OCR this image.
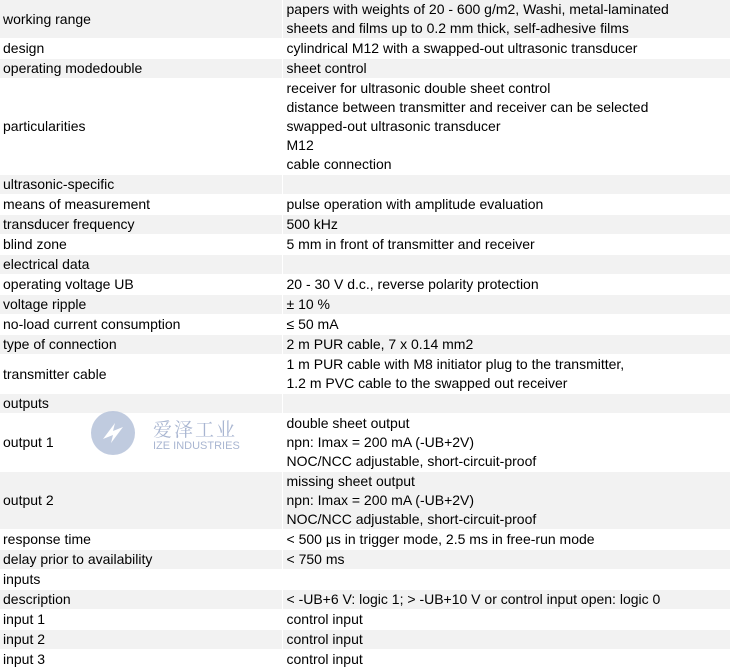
working range	papers with weights of 20 - 600 g/m2, Washi, metal-laminated
sheets and films up to 0.2 mm thick, self-adhesive films

design	cylindrical M12 with a swapped-out ultrasonic transducer

operating modedouble	sheet control

particularities	receiver for ultrasonic double sheet control
distance between transmitter and receiver can be selected
swapped-out ultrasonic transducer
M12
cable connection

ultrasonic-specific	

means of measurement	pulse operation with amplitude evaluation

transducer frequency	500 kHz

blind zone	5 mm in front of transmitter and receiver

electrical data	

operating voltage UB	20 - 30 V d.c., reverse polarity protection

voltage ripple	± 10 %

no-load current consumption	≤ 50 mA

type of connection	2 m PUR cable, 7 x 0.14 mm2

transmitter cable	1 m PUR cable with M8 initiator plug to the transmitter,
1.2 m PVC cable to the swapped out receiver

outputs	

output 1	double sheet output
npn: Imax = 200 mA (-UB+2V)
NOC/NCC adjustable, short-circuit-proof

output 2	missing sheet output
npn: Imax = 200 mA (-UB+2V)
NOC/NCC adjustable, short-circuit-proof

response time	< 500 µs in trigger mode, 2.5 ms in free-run mode

delay prior to availability	< 750 ms

inputs	

description	< -UB+6 V: logic 1; > -UB+10 V or control input open: logic 0

input 1	control input

input 2	control input

input 3	control input
爱泽工业
IZE INDUSTRIES
